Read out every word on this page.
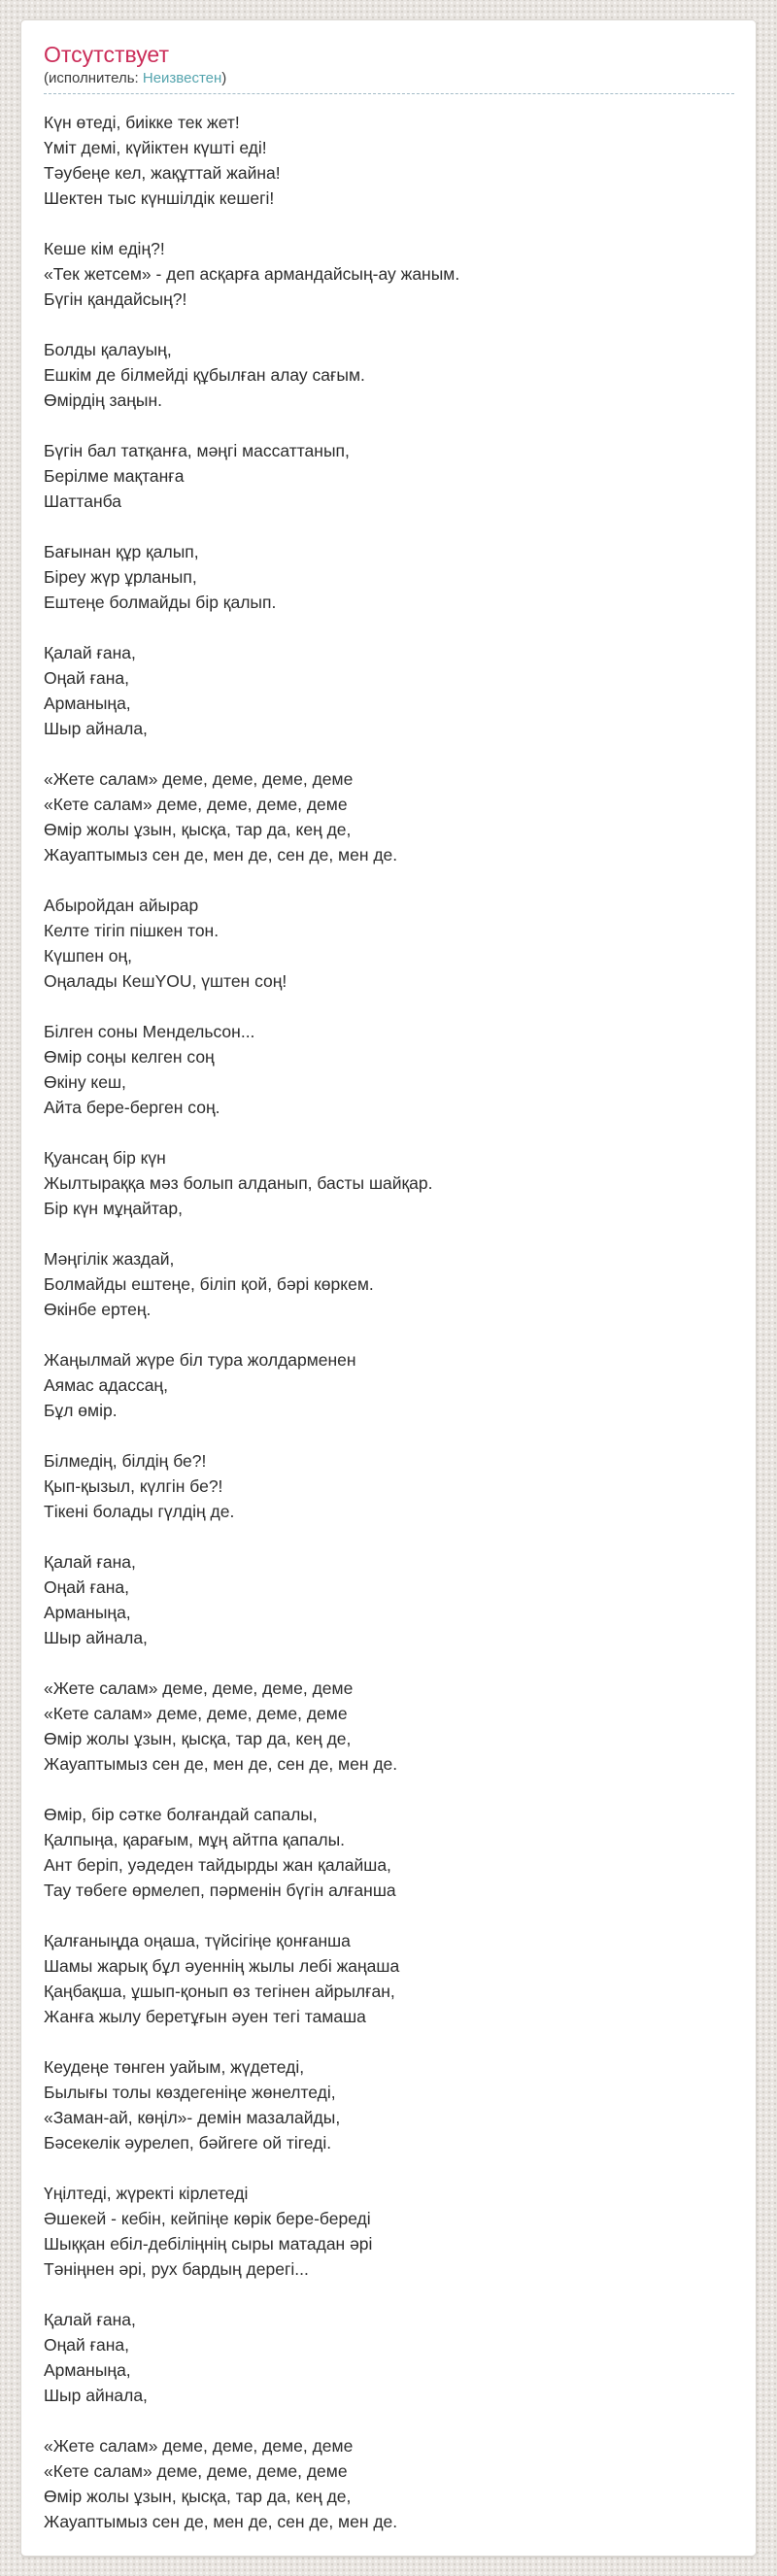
Отсутствует
(исполнитель: Неизвестен)

Күн өтеді, биікке тек жет!
Үміт демі, күйіктен күшті еді!
Тәубеңе кел, жақұттай жайна!
Шектен тыс күншілдік кешегі!

Кеше кім едің?!
«Тек жетсем» - деп асқарға армандайсың-ау жаным.
Бүгін қандайсың?!

Болды қалауың,
Ешкім де білмейді құбылған алау сағым.
Өмірдің заңын.

Бүгін бал татқанға, мәңгі массаттанып,
Берілме мақтанға
Шаттанба

Бағынан құр қалып,
Біреу жүр ұрланып,
Ештеңе болмайды бір қалып.

Қалай ғана,
Оңай ғана,
Арманыңа,
Шыр айнала,

«Жете салам» деме, деме, деме, деме
«Кете салам» деме, деме, деме, деме
Өмір жолы ұзын, қысқа, тар да, кең де,
Жауаптымыз сен де, мен де, сен де, мен де.

Абыройдан айырар
Келте тігіп пішкен тон.
Күшпен оң,
Оңалады КешYOU, үштен соң!

Білген соны Мендельсон...
Өмір соңы келген соң
Өкіну кеш,
Айта бере-берген соң.

Қуансаң бір күн
Жылтыраққа мәз болып алданып, басты шайқар.
Бір күн мұңайтар,

Мәңгілік жаздай,
Болмайды ештеңе, біліп қой, бәрі көркем.
Өкінбе ертең.

Жаңылмай жүре біл тура жолдарменен
Аямас адассаң,
Бұл өмір.

Білмедің, білдің бе?!
Қып-қызыл, күлгін бе?!
Тікені болады гүлдің де.

Қалай ғана,
Оңай ғана,
Арманыңа,
Шыр айнала,

«Жете салам» деме, деме, деме, деме
«Кете салам» деме, деме, деме, деме
Өмір жолы ұзын, қысқа, тар да, кең де,
Жауаптымыз сен де, мен де, сен де, мен де.

Өмір, бір сәтке болғандай сапалы,
Қалпыңа, қарағым, мұң айтпа қапалы.
Ант беріп, уәдеден тайдырды жан қалайша,
Тау төбеге өрмелеп, пәрменін бүгін алғанша

Қалғаныңда оңаша, түйсігіңе қонғанша
Шамы жарық бұл әуеннің жылы лебі жаңаша
Қаңбақша, ұшып-қонып өз тегінен айрылған,
Жанға жылу беретұғын әуен тегі тамаша

Кеудеңе төнген уайым, жүдетеді,
Былығы толы көздегеніңе жөнелтеді,
«Заман-ай, көңіл»- демін мазалайды,
Бәсекелік әурелеп, бәйгеге ой тігеді.

Үңілтеді, жүректі кірлетеді
Әшекей - кебін, кейпіңе көрік бере-береді
Шыққан ебіл-дебіліңнің сыры матадан әрі
Тәніңнен әрі, рух бардың дерегі...

Қалай ғана,
Оңай ғана,
Арманыңа,
Шыр айнала,

«Жете салам» деме, деме, деме, деме
«Кете салам» деме, деме, деме, деме
Өмір жолы ұзын, қысқа, тар да, кең де,
Жауаптымыз сен де, мен де, сен де, мен де.
